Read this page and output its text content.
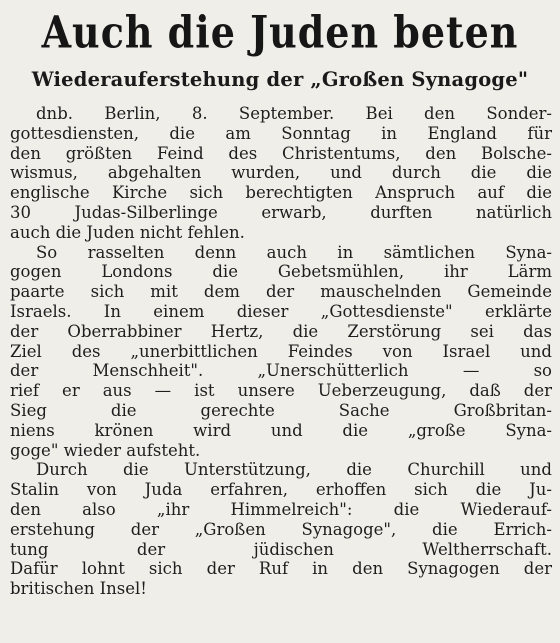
Auch die Juden beten
Wiederauferstehung der „Großen Synagoge"
dnb. Berlin, 8. September. Bei den Sonder-
gottesdiensten, die am Sonntag in England für
den größten Feind des Christentums, den Bolsche-
wismus, abgehalten wurden, und durch die die
englische Kirche sich berechtigten Anspruch auf die
30 Judas-Silberlinge erwarb, durften natürlich
auch die Juden nicht fehlen.
So rasselten denn auch in sämtlichen Syna-
gogen Londons die Gebetsmühlen, ihr Lärm
paarte sich mit dem der mauschelnden Gemeinde
Israels. In einem dieser „Gottesdienste" erklärte
der Oberrabbiner Hertz, die Zerstörung sei das
Ziel des „unerbittlichen Feindes von Israel und
der Menschheit". „Unerschütterlich — so
rief er aus — ist unsere Ueberzeugung, daß der
Sieg die gerechte Sache Großbritan-
niens krönen wird und die „große Syna-
goge" wieder aufsteht.
Durch die Unterstützung, die Churchill und
Stalin von Juda erfahren, erhoffen sich die Ju-
den also „ihr Himmelreich": die Wiederauf-
erstehung der „Großen Synagoge", die Errich-
tung der jüdischen Weltherrschaft.
Dafür lohnt sich der Ruf in den Synagogen der
britischen Insel!
